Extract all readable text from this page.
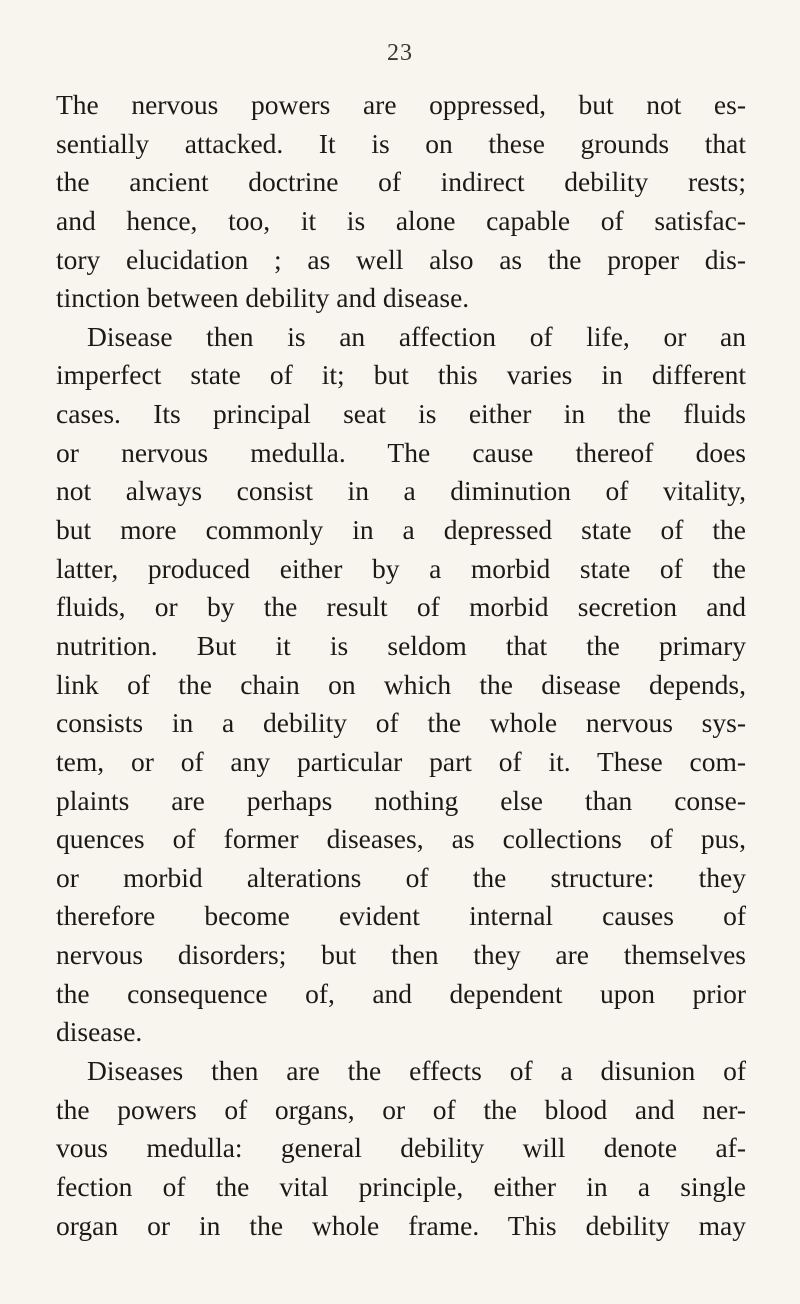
23
The nervous powers are oppressed, but not es-
sentially attacked. It is on these grounds that
the ancient doctrine of indirect debility rests;
and hence, too, it is alone capable of satisfac-
tory elucidation ; as well also as the proper dis-
tinction between debility and disease.
Disease then is an affection of life, or an
imperfect state of it; but this varies in different
cases. Its principal seat is either in the fluids
or nervous medulla. The cause thereof does
not always consist in a diminution of vitality,
but more commonly in a depressed state of the
latter, produced either by a morbid state of the
fluids, or by the result of morbid secretion and
nutrition. But it is seldom that the primary
link of the chain on which the disease depends,
consists in a debility of the whole nervous sys-
tem, or of any particular part of it. These com-
plaints are perhaps nothing else than conse-
quences of former diseases, as collections of pus,
or morbid alterations of the structure: they
therefore become evident internal causes of
nervous disorders; but then they are themselves
the consequence of, and dependent upon prior
disease.
Diseases then are the effects of a disunion of
the powers of organs, or of the blood and ner-
vous medulla: general debility will denote af-
fection of the vital principle, either in a single
organ or in the whole frame. This debility may
